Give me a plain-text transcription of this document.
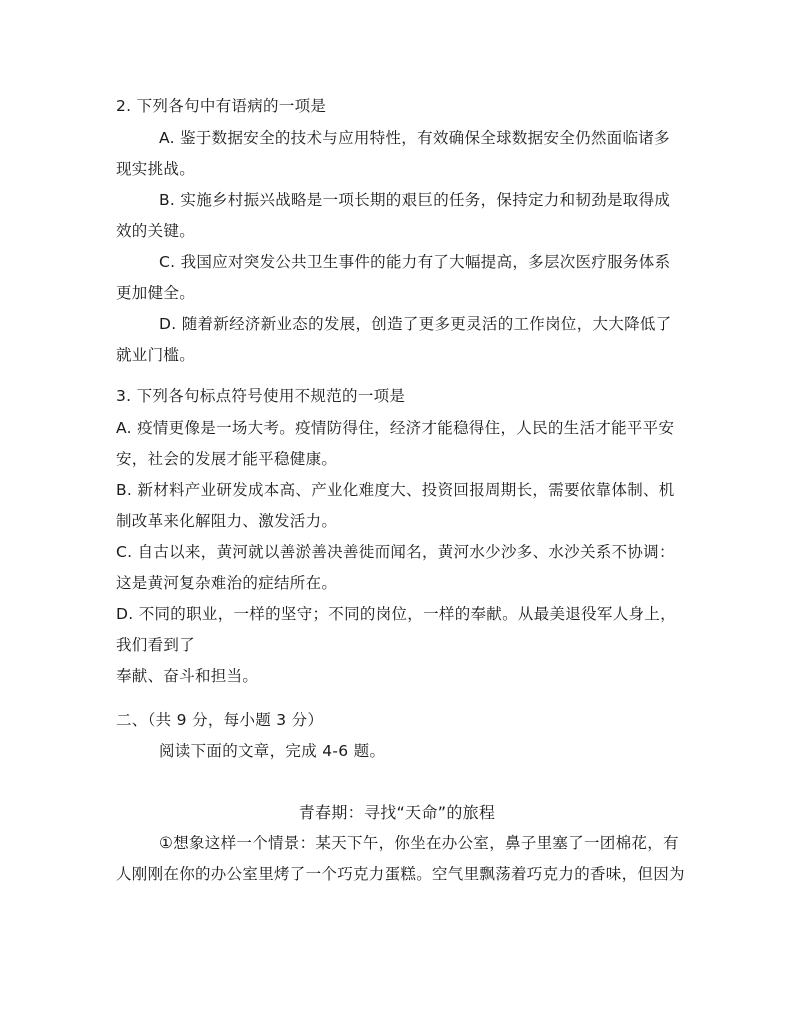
2. 下列各句中有语病的一项是
A. 鉴于数据安全的技术与应用特性，有效确保全球数据安全仍然面临诸多
现实挑战。
B. 实施乡村振兴战略是一项长期的艰巨的任务，保持定力和韧劲是取得成
效的关键。
C. 我国应对突发公共卫生事件的能力有了大幅提高，多层次医疗服务体系
更加健全。
D. 随着新经济新业态的发展，创造了更多更灵活的工作岗位，大大降低了
就业门槛。
3. 下列各句标点符号使用不规范的一项是
A. 疫情更像是一场大考。疫情防得住，经济才能稳得住，人民的生活才能平平安
安，社会的发展才能平稳健康。
B. 新材料产业研发成本高、产业化难度大、投资回报周期长，需要依靠体制、机
制改革来化解阻力、激发活力。
C. 自古以来，黄河就以善淤善决善徙而闻名，黄河水少沙多、水沙关系不协调：
这是黄河复杂难治的症结所在。
D. 不同的职业，一样的坚守；不同的岗位，一样的奉献。从最美退役军人身上，
我们看到了
奉献、奋斗和担当。
二、（共 9 分，每小题 3 分）
阅读下面的文章，完成 4-6 题。
青春期：寻找“天命”的旅程
①想象这样一个情景：某天下午，你坐在办公室，鼻子里塞了一团棉花，有
人刚刚在你的办公室里烤了一个巧克力蛋糕。空气里飘荡着巧克力的香味，但因为
